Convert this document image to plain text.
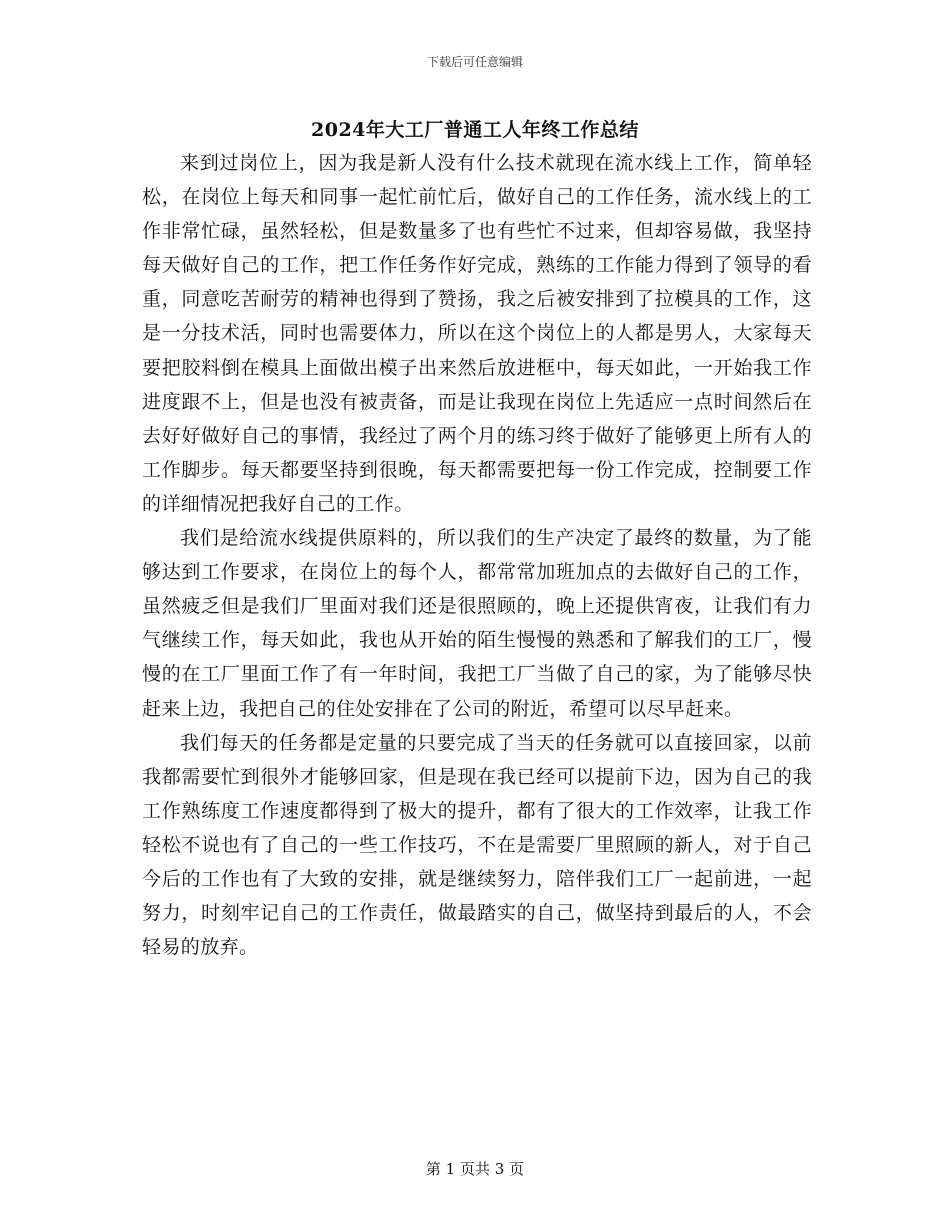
下载后可任意编辑
2024年大工厂普通工人年终工作总结

来到过岗位上，因为我是新人没有什么技术就现在流水线上工作，简单轻松，在岗位上每天和同事一起忙前忙后，做好自己的工作任务，流水线上的工作非常忙碌，虽然轻松，但是数量多了也有些忙不过来，但却容易做，我坚持每天做好自己的工作，把工作任务作好完成，熟练的工作能力得到了领导的看重，同意吃苦耐劳的精神也得到了赞扬，我之后被安排到了拉模具的工作，这是一分技术活，同时也需要体力，所以在这个岗位上的人都是男人，大家每天要把胶料倒在模具上面做出模子出来然后放进框中，每天如此，一开始我工作进度跟不上，但是也没有被责备，而是让我现在岗位上先适应一点时间然后在去好好做好自己的事情，我经过了两个月的练习终于做好了能够更上所有人的工作脚步。每天都要坚持到很晚，每天都需要把每一份工作完成，控制要工作的详细情况把我好自己的工作。

我们是给流水线提供原料的，所以我们的生产决定了最终的数量，为了能够达到工作要求，在岗位上的每个人，都常常加班加点的去做好自己的工作，虽然疲乏但是我们厂里面对我们还是很照顾的，晚上还提供宵夜，让我们有力气继续工作，每天如此，我也从开始的陌生慢慢的熟悉和了解我们的工厂，慢慢的在工厂里面工作了有一年时间，我把工厂当做了自己的家，为了能够尽快赶来上边，我把自己的住处安排在了公司的附近，希望可以尽早赶来。

我们每天的任务都是定量的只要完成了当天的任务就可以直接回家，以前我都需要忙到很外才能够回家，但是现在我已经可以提前下边，因为自己的我工作熟练度工作速度都得到了极大的提升，都有了很大的工作效率，让我工作轻松不说也有了自己的一些工作技巧，不在是需要厂里照顾的新人，对于自己今后的工作也有了大致的安排，就是继续努力，陪伴我们工厂一起前进，一起努力，时刻牢记自己的工作责任，做最踏实的自己，做坚持到最后的人，不会轻易的放弃。

第 1 页共 3 页
